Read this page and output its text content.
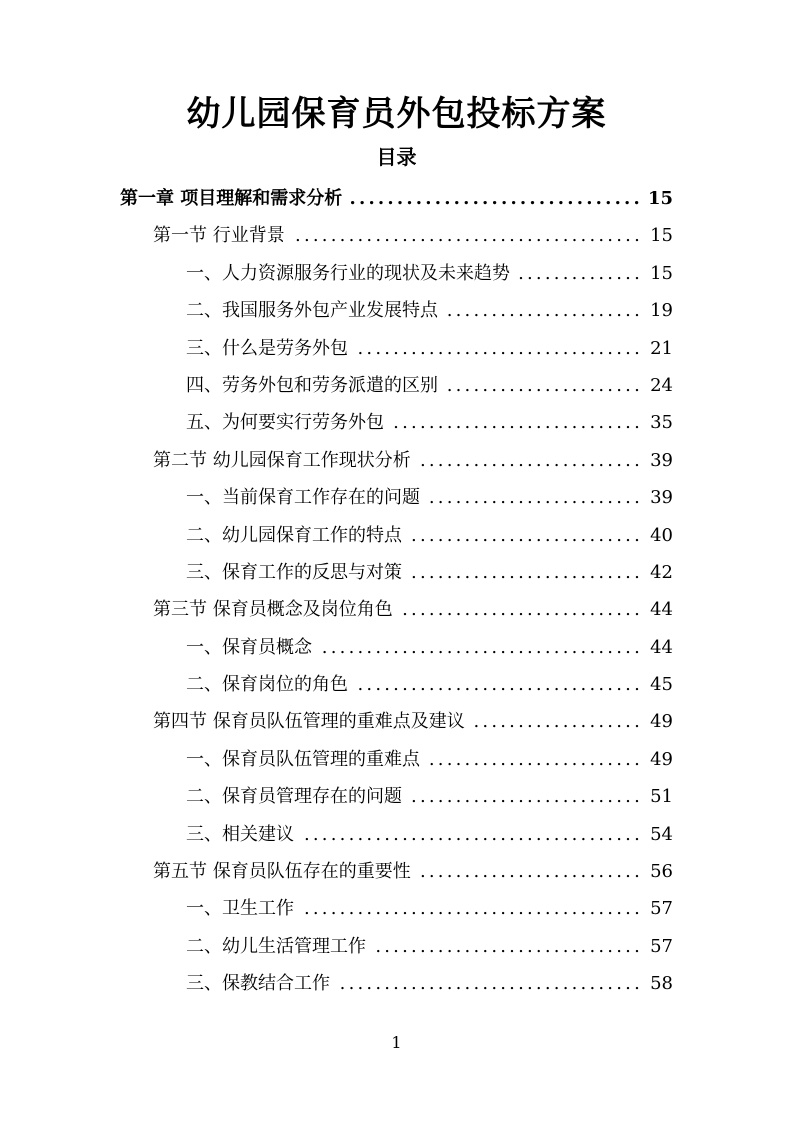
幼儿园保育员外包投标方案
目录
第一章 项目理解和需求分析 .....	15
第一节 行业背景 .....	15
一、人力资源服务行业的现状及未来趋势 .....	15
二、我国服务外包产业发展特点 .....	19
三、什么是劳务外包 .....	21
四、劳务外包和劳务派遣的区别 .....	24
五、为何要实行劳务外包 .....	35
第二节 幼儿园保育工作现状分析 .....	39
一、当前保育工作存在的问题 .....	39
二、幼儿园保育工作的特点 .....	40
三、保育工作的反思与对策 .....	42
第三节 保育员概念及岗位角色 .....	44
一、保育员概念 .....	44
二、保育岗位的角色 .....	45
第四节 保育员队伍管理的重难点及建议 .....	49
一、保育员队伍管理的重难点 .....	49
二、保育员管理存在的问题 .....	51
三、相关建议 .....	54
第五节 保育员队伍存在的重要性 .....	56
一、卫生工作 .....	57
二、幼儿生活管理工作 .....	57
三、保教结合工作 .....	58
1
